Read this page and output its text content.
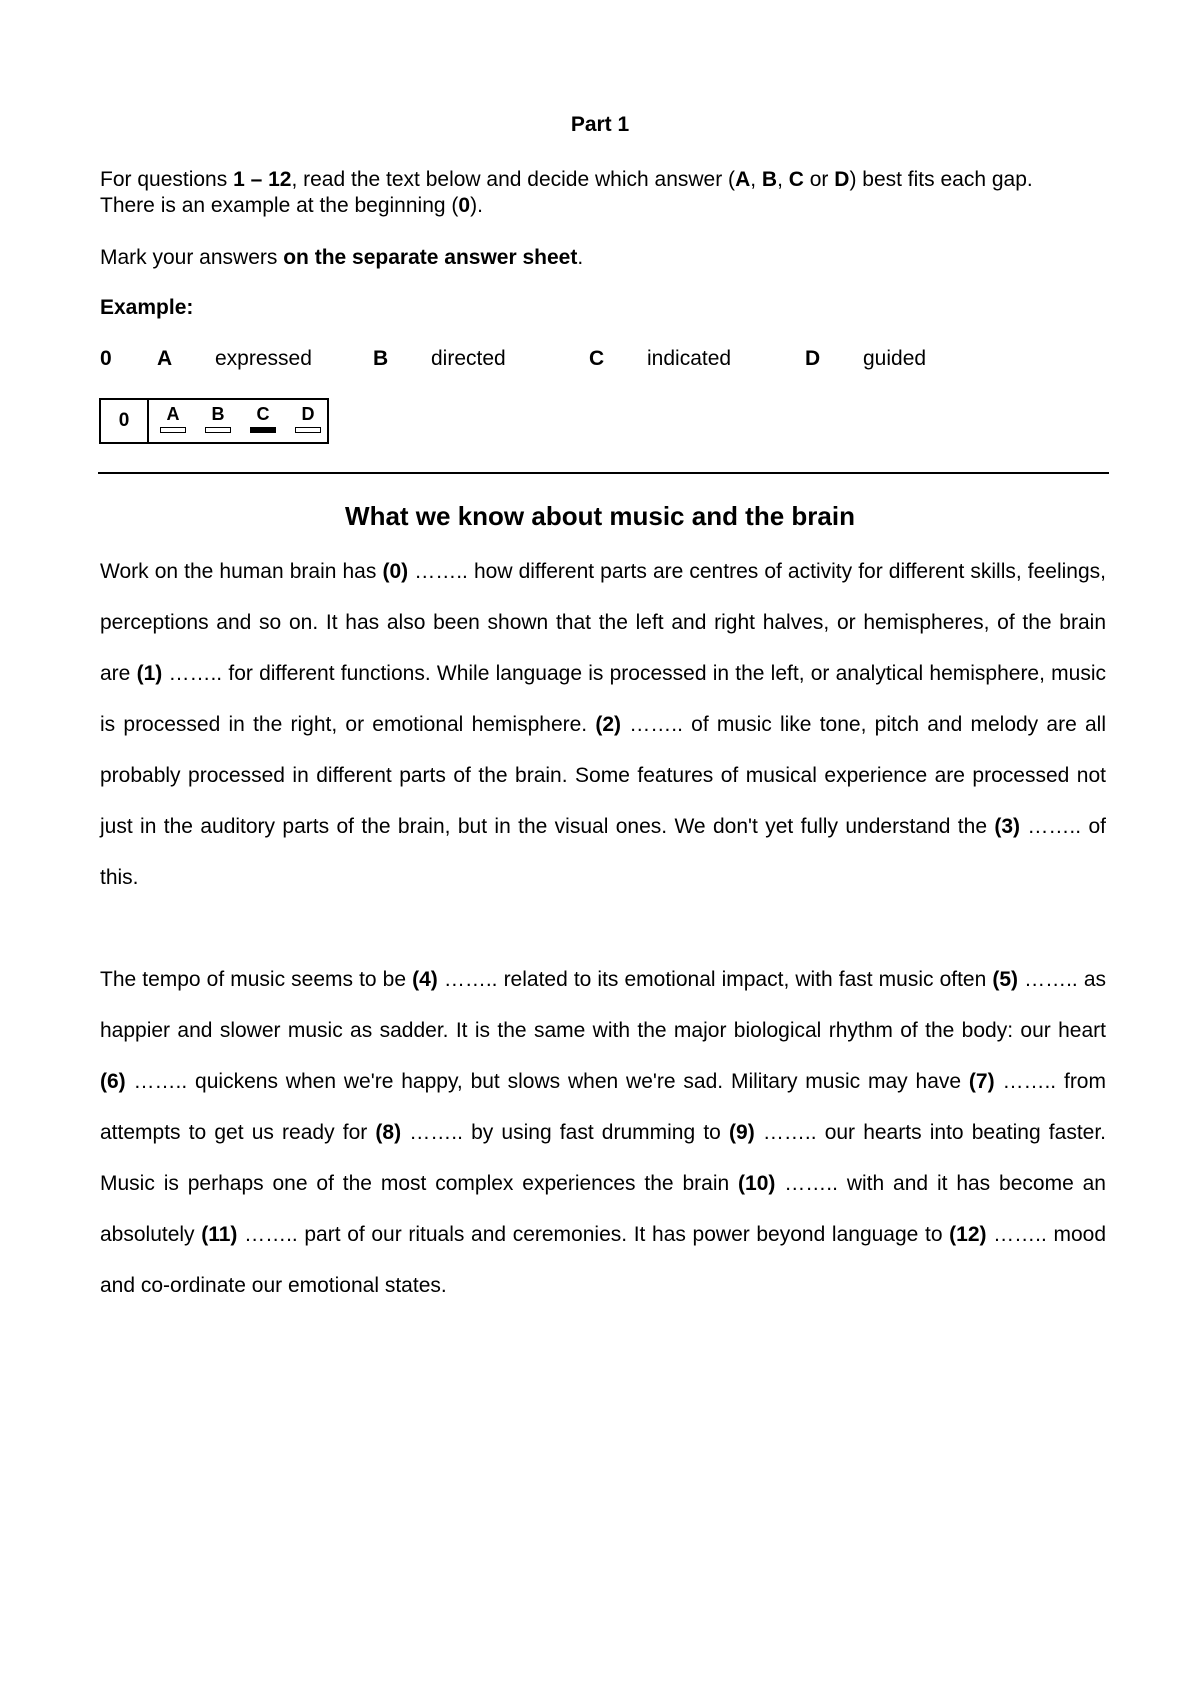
Part 1
For questions 1 – 12, read the text below and decide which answer (A, B, C or D) best fits each gap.
There is an example at the beginning (0).
Mark your answers on the separate answer sheet.
Example:
0 A expressed	B directed	C indicated	D guided
0	A	B	C	D
What we know about music and the brain
Work on the human brain has (0) …….. how different parts are centres of activity for different skills, feelings, perceptions and so on. It has also been shown that the left and right halves, or hemispheres, of the brain are (1) …….. for different functions. While language is processed in the left, or analytical hemisphere, music is processed in the right, or emotional hemisphere. (2) …….. of music like tone, pitch and melody are all probably processed in different parts of the brain. Some features of musical experience are processed not just in the auditory parts of the brain, but in the visual ones. We don't yet fully understand the (3) …….. of this.
The tempo of music seems to be (4) …….. related to its emotional impact, with fast music often (5) …….. as happier and slower music as sadder. It is the same with the major biological rhythm of the body: our heart (6) …….. quickens when we're happy, but slows when we're sad. Military music may have (7) …….. from attempts to get us ready for (8) …….. by using fast drumming to (9) …….. our hearts into beating faster. Music is perhaps one of the most complex experiences the brain (10) …….. with and it has become an absolutely (11) …….. part of our rituals and ceremonies. It has power beyond language to (12) …….. mood and co-ordinate our emotional states.
